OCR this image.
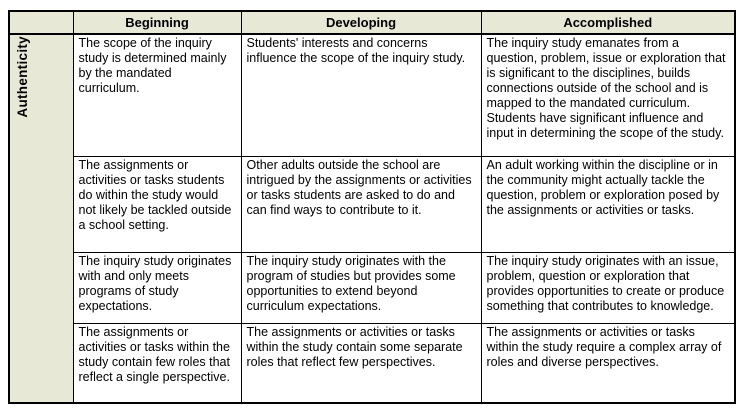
	Beginning	Developing	Accomplished
Authenticity	The scope of the inquiry study is determined mainly by the mandated curriculum.	Students' interests and concerns influence the scope of the inquiry study.	The inquiry study emanates from a question, problem, issue or exploration that is significant to the disciplines, builds connections outside of the school and is mapped to the mandated curriculum. Students have significant influence and input in determining the scope of the study.
	The assignments or activities or tasks students do within the study would not likely be tackled outside a school setting.	Other adults outside the school are intrigued by the assignments or activities or tasks students are asked to do and can find ways to contribute to it.	An adult working within the discipline or in the community might actually tackle the question, problem or exploration posed by the assignments or activities or tasks.
	The inquiry study originates with and only meets programs of study expectations.	The inquiry study originates with the program of studies but provides some opportunities to extend beyond curriculum expectations.	The inquiry study originates with an issue, problem, question or exploration that provides opportunities to create or produce something that contributes to knowledge.
	The assignments or activities or tasks within the study contain few roles that reflect a single perspective.	The assignments or activities or tasks within the study contain some separate roles that reflect few perspectives.	The assignments or activities or tasks within the study require a complex array of roles and diverse perspectives.
